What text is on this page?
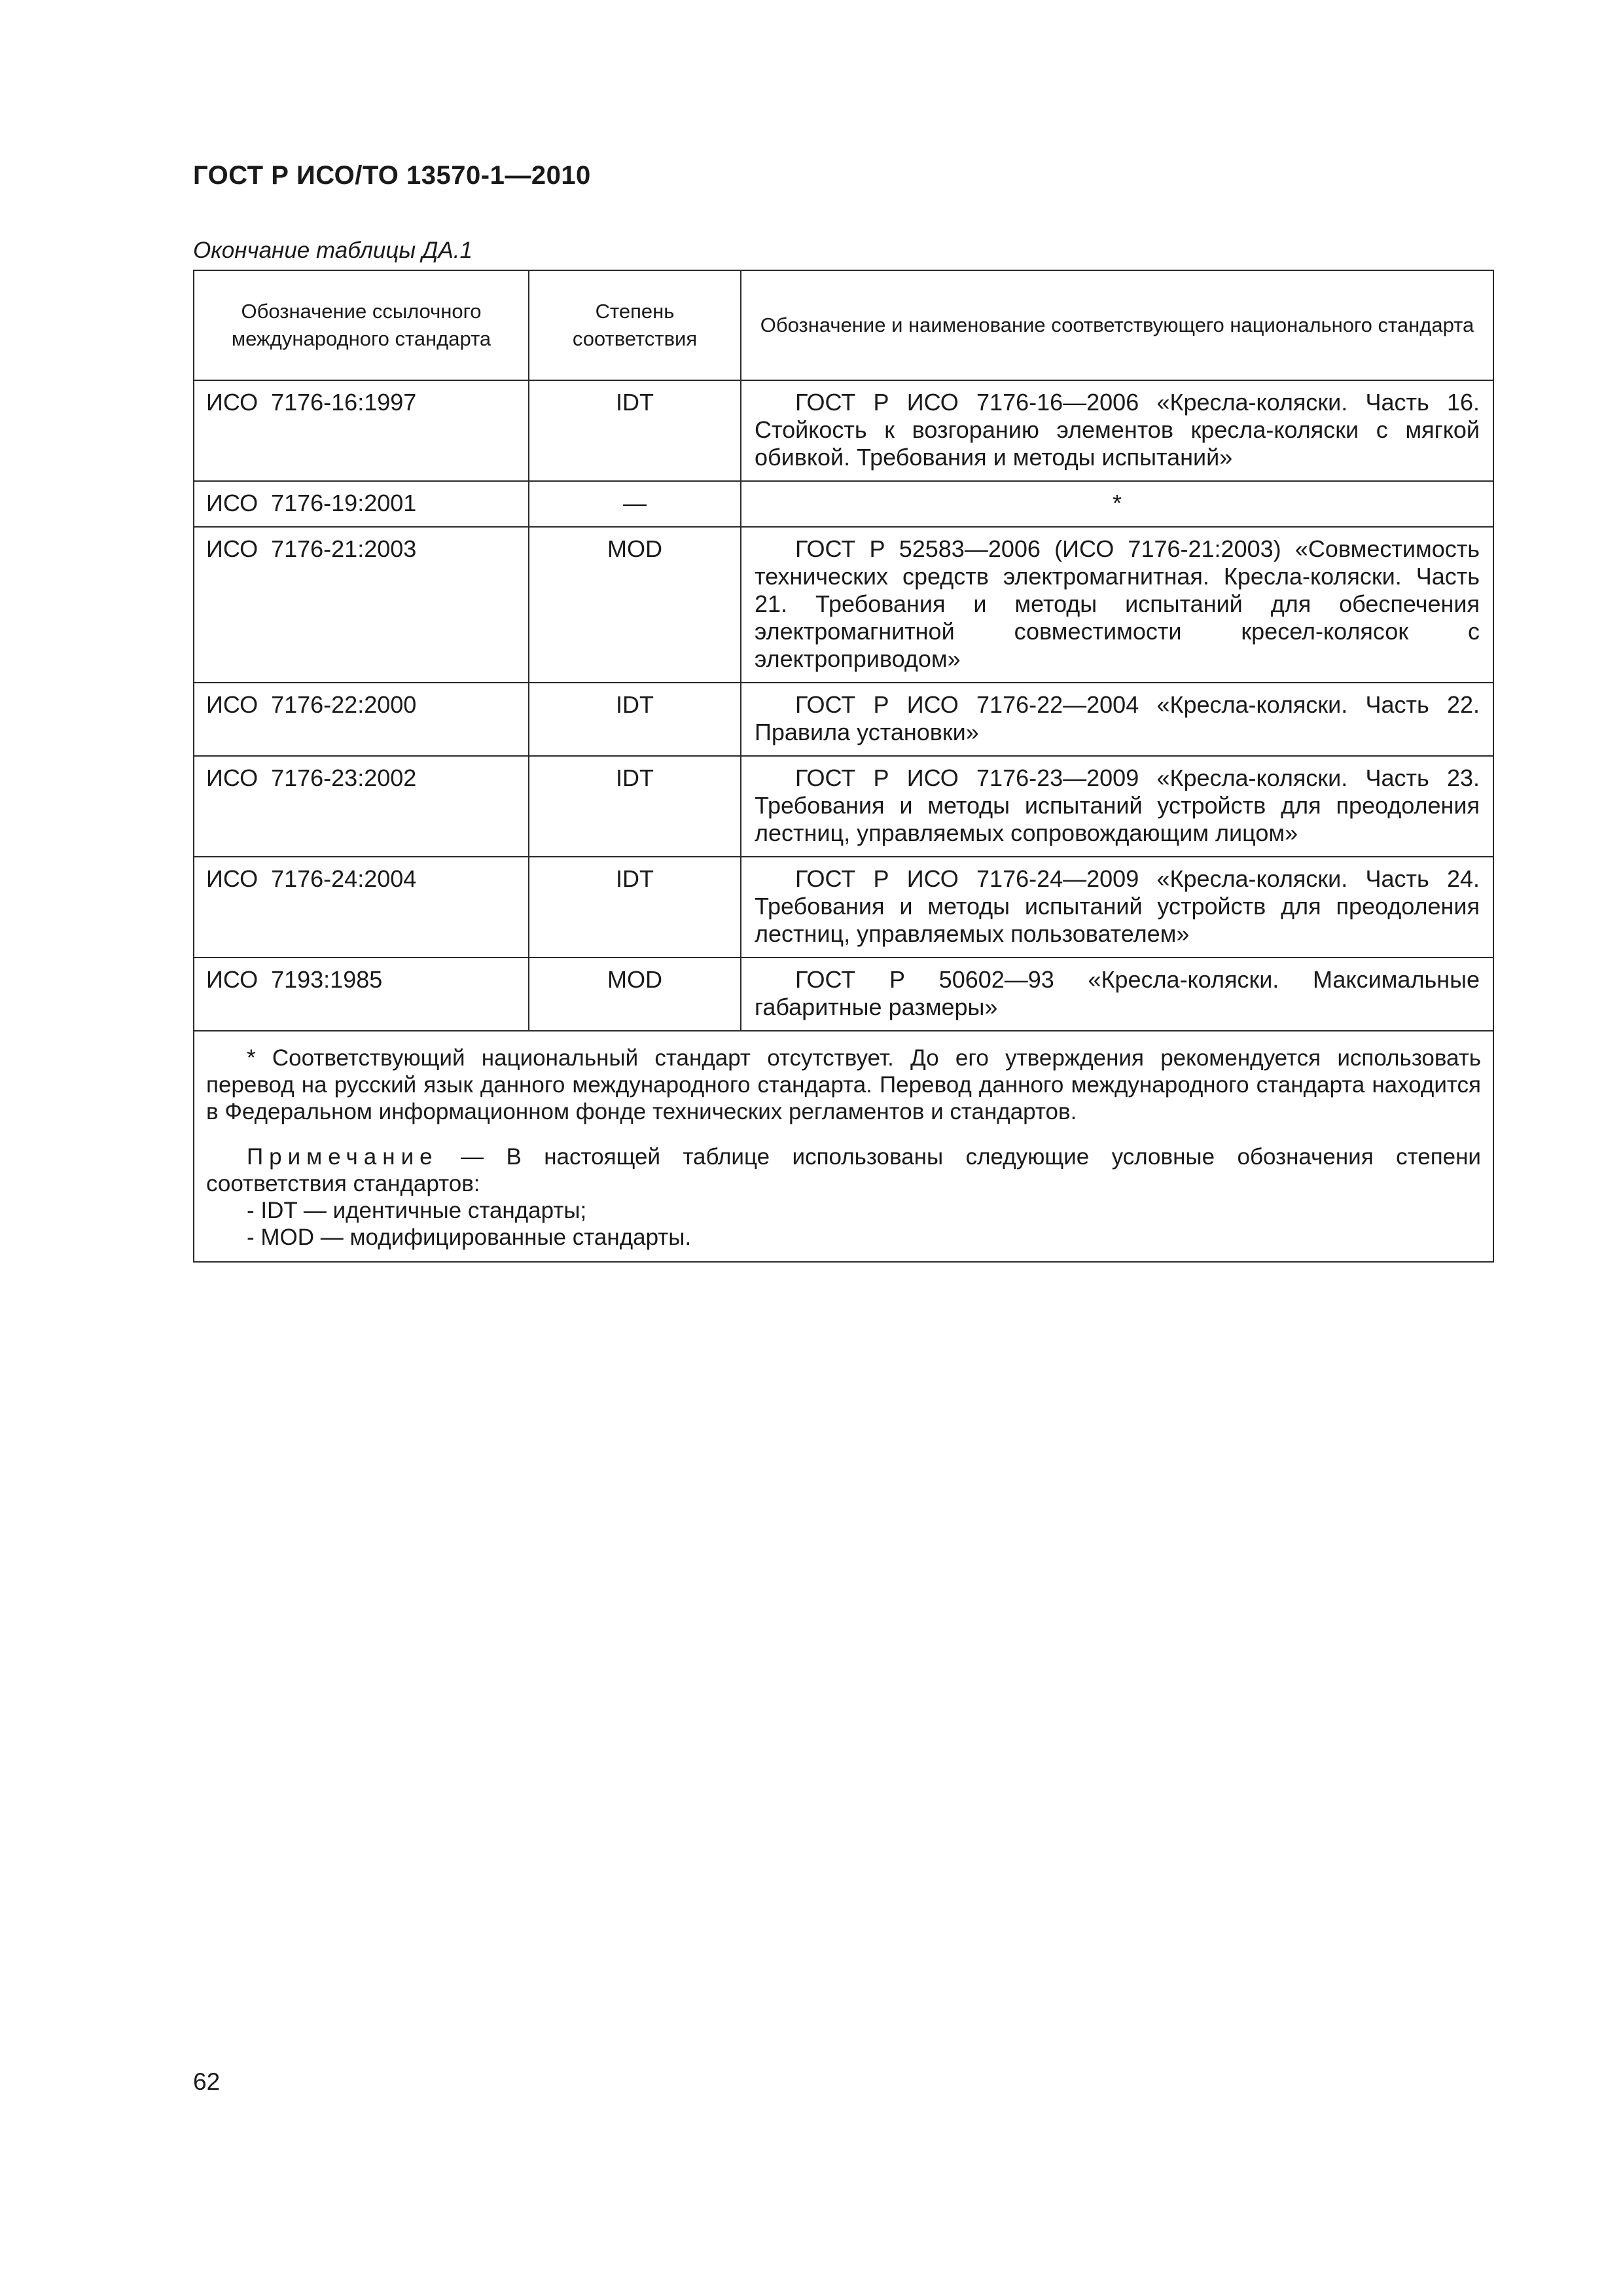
ГОСТ Р ИСО/ТО 13570-1—2010
Окончание таблицы ДА.1
Обозначение ссылочного международного стандарта	Степень соответствия	Обозначение и наименование соответствующего национального стандарта
ИСО 7176-16:1997	IDT	ГОСТ Р ИСО 7176-16—2006 «Кресла-коляски. Часть 16. Стойкость к возгоранию элементов кресла-коляски с мягкой обивкой. Требования и методы испытаний»
ИСО 7176-19:2001	—	*
ИСО 7176-21:2003	MOD	ГОСТ Р 52583—2006 (ИСО 7176-21:2003) «Совместимость технических средств электромагнитная. Кресла-коляски. Часть 21. Требования и методы испытаний для обеспечения электромагнитной совместимости кресел-колясок с электроприводом»
ИСО 7176-22:2000	IDT	ГОСТ Р ИСО 7176-22—2004 «Кресла-коляски. Часть 22. Правила установки»
ИСО 7176-23:2002	IDT	ГОСТ Р ИСО 7176-23—2009 «Кресла-коляски. Часть 23. Требования и методы испытаний устройств для преодоления лестниц, управляемых сопровождающим лицом»
ИСО 7176-24:2004	IDT	ГОСТ Р ИСО 7176-24—2009 «Кресла-коляски. Часть 24. Требования и методы испытаний устройств для преодоления лестниц, управляемых пользователем»
ИСО 7193:1985	MOD	ГОСТ Р 50602—93 «Кресла-коляски. Максимальные габаритные размеры»

* Соответствующий национальный стандарт отсутствует. До его утверждения рекомендуется использовать перевод на русский язык данного международного стандарта. Перевод данного международного стандарта находится в Федеральном информационном фонде технических регламентов и стандартов.

Примечание — В настоящей таблице использованы следующие условные обозначения степени соответствия стандартов:

- IDT — идентичные стандарты;

- MOD — модифицированные стандарты.		

62
